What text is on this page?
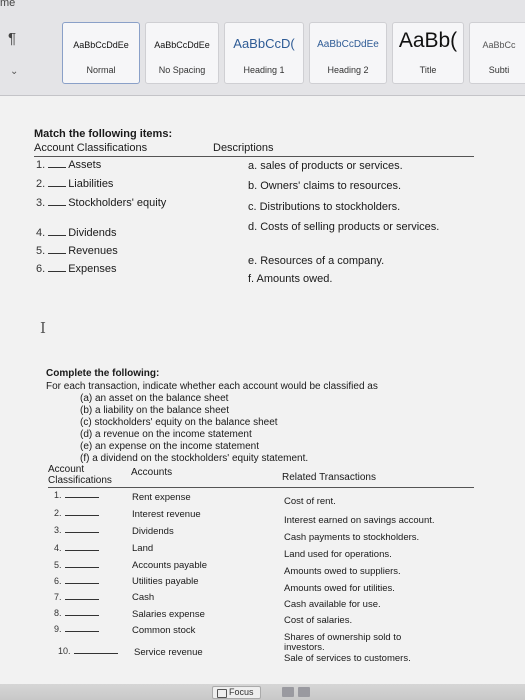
me
¶
⌄
AaBbCcDdEe
Normal
AaBbCcDdEe
No Spacing
AaBbCcD(
Heading 1
AaBbCcDdEe
Heading 2
AaBb(
Title
AaBbCc
Subti
Match the following items:
Account Classifications	Descriptions
1. Assets
2. Liabilities
3. Stockholders' equity
4. Dividends
5. Revenues
6. Expenses
a. sales of products or services.
b. Owners' claims to resources.
c. Distributions to stockholders.
d. Costs of selling products or services.
e. Resources of a company.
f. Amounts owed.
I
Complete the following:
For each transaction, indicate whether each account would be classified as
(a) an asset on the balance sheet
(b) a liability on the balance sheet
(c) stockholders' equity on the balance sheet
(d) a revenue on the income statement
(e) an expense on the income statement
(f) a dividend on the stockholders' equity statement.
Account
Classifications
Accounts	Related Transactions
1.
2.
3.
4.
5.
6.
7.
8.
9.
10.
Rent expense
Interest revenue
Dividends
Land
Accounts payable
Utilities payable
Cash
Salaries expense
Common stock
Service revenue
Cost of rent.
Interest earned on savings account.
Cash payments to stockholders.
Land used for operations.
Amounts owed to suppliers.
Amounts owed for utilities.
Cash available for use.
Cost of salaries.
Shares of ownership sold to
investors.
Sale of services to customers.
Focus
